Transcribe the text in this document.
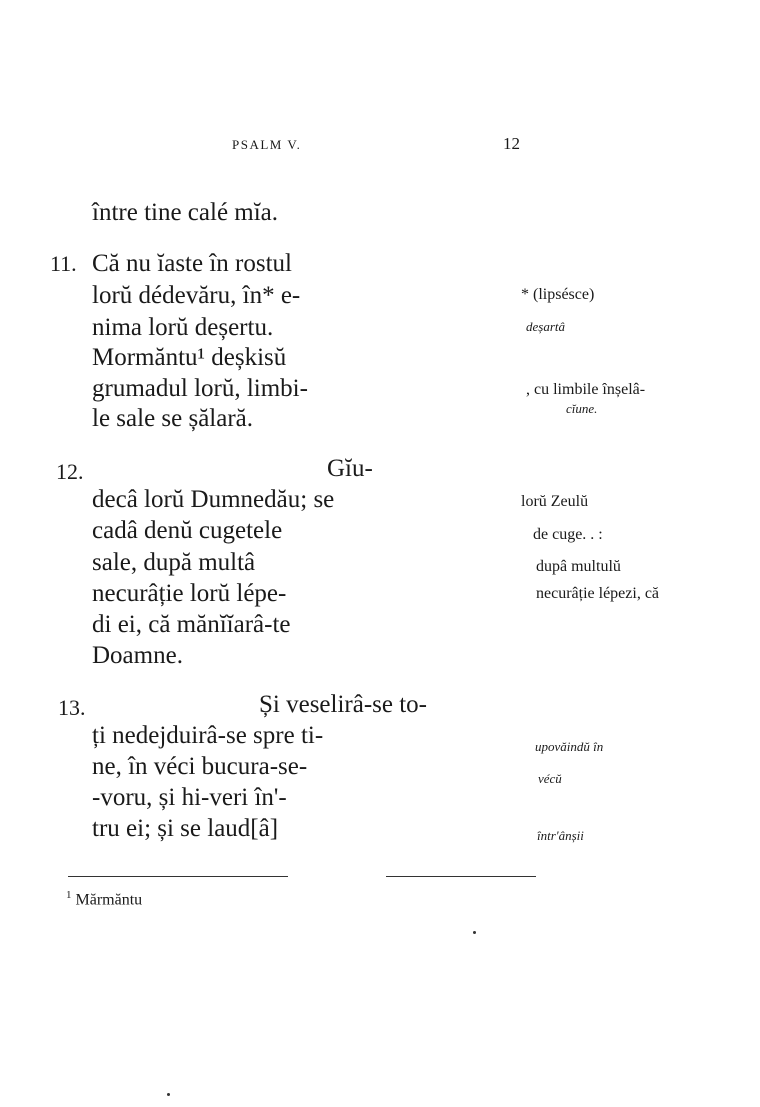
PSALM V.	12
între tine calé mĭa.
11. Că nu ĭaste în rostul
lorŭ dédevăru, în* e-
nima lorŭ deșertu.
Mormăntu¹ deșkisŭ
grumadul lorŭ, limbi-
le sale se șălară.
12.	Gĭu-
decâ lorŭ Dumnedău; se
cadâ denŭ cugetele
sale, după multâ
necurâție lorŭ lépe-
di ei, că mănĭĭarâ-te
Doamne.
13.	Și veselirâ-se to-
ți nedejduirâ-se spre ti-
ne, în véci bucura-se-
-voru, și hi-veri în'-
tru ei; și se laud[â]
* (lipsésce)
deșartâ
, cu limbile înșelâ-
cĭune.
lorŭ Zeulŭ
de cuge. . :
dupâ multulŭ
necurâție lépezi, că
upovăindŭ în
vécŭ
într'ânșii
$^1$ Mărmăntu
